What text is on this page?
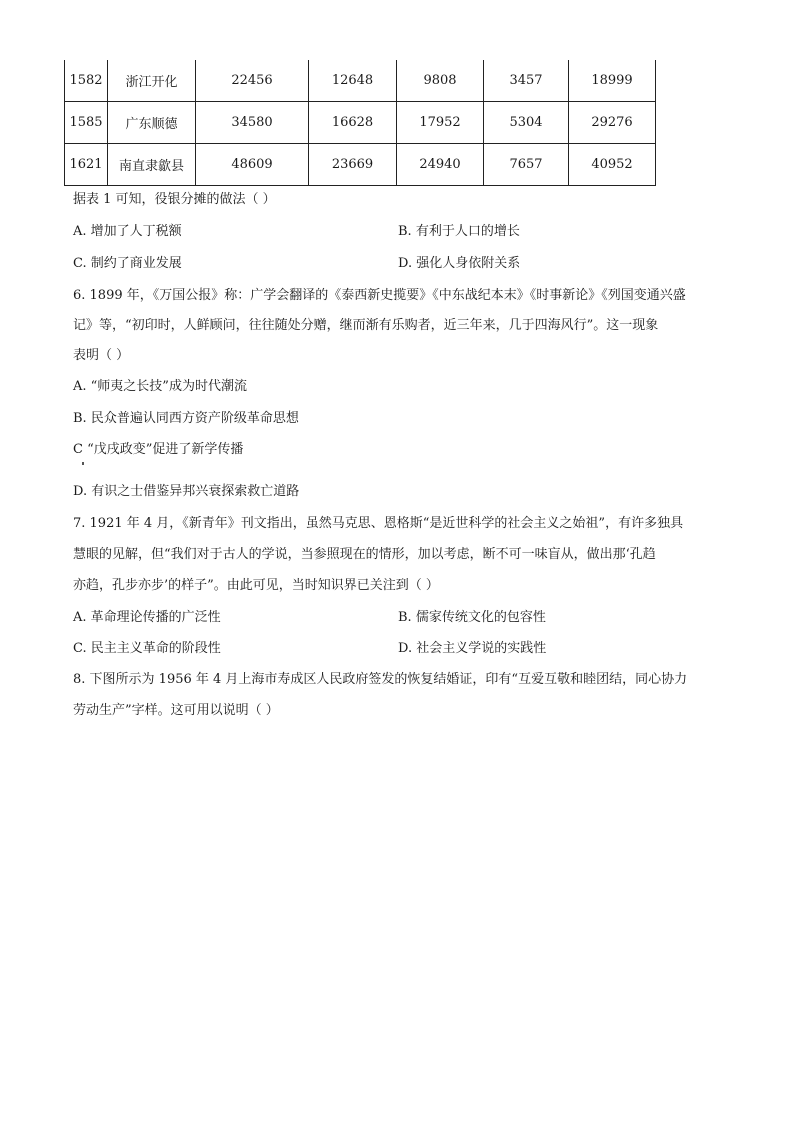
1582	浙江开化	22456	12648	9808	3457	18999
1585	广东顺德	34580	16628	17952	5304	29276
1621	南直隶歙县	48609	23669	24940	7657	40952
据表 1 可知，役银分摊的做法（ ）
A. 增加了人丁税额	B. 有利于人口的增长
C. 制约了商业发展	D. 强化人身依附关系
6. 1899 年，《万国公报》称：广学会翻译的《泰西新史揽要》《中东战纪本末》《时事新论》《列国变通兴盛
记》等，“初印时，人鲜顾问，往往随处分赠，继而渐有乐购者，近三年来，几于四海风行”。这一现象
表明（ ）
A. “师夷之长技”成为时代潮流
B. 民众普遍认同西方资产阶级革命思想
C “戊戌政变”促进了新学传播
D. 有识之士借鉴异邦兴衰探索救亡道路
7. 1921 年 4 月，《新青年》刊文指出，虽然马克思、恩格斯“是近世科学的社会主义之始祖”，有许多独具
慧眼的见解，但“我们对于古人的学说，当参照现在的情形，加以考虑，断不可一味盲从，做出那‘孔趋
亦趋，孔步亦步’的样子”。由此可见，当时知识界已关注到（ ）
A. 革命理论传播的广泛性	B. 儒家传统文化的包容性
C. 民主主义革命的阶段性	D. 社会主义学说的实践性
8. 下图所示为 1956 年 4 月上海市寿成区人民政府签发的恢复结婚证，印有“互爱互敬和睦团结，同心协力
劳动生产”字样。这可用以说明（ ）
